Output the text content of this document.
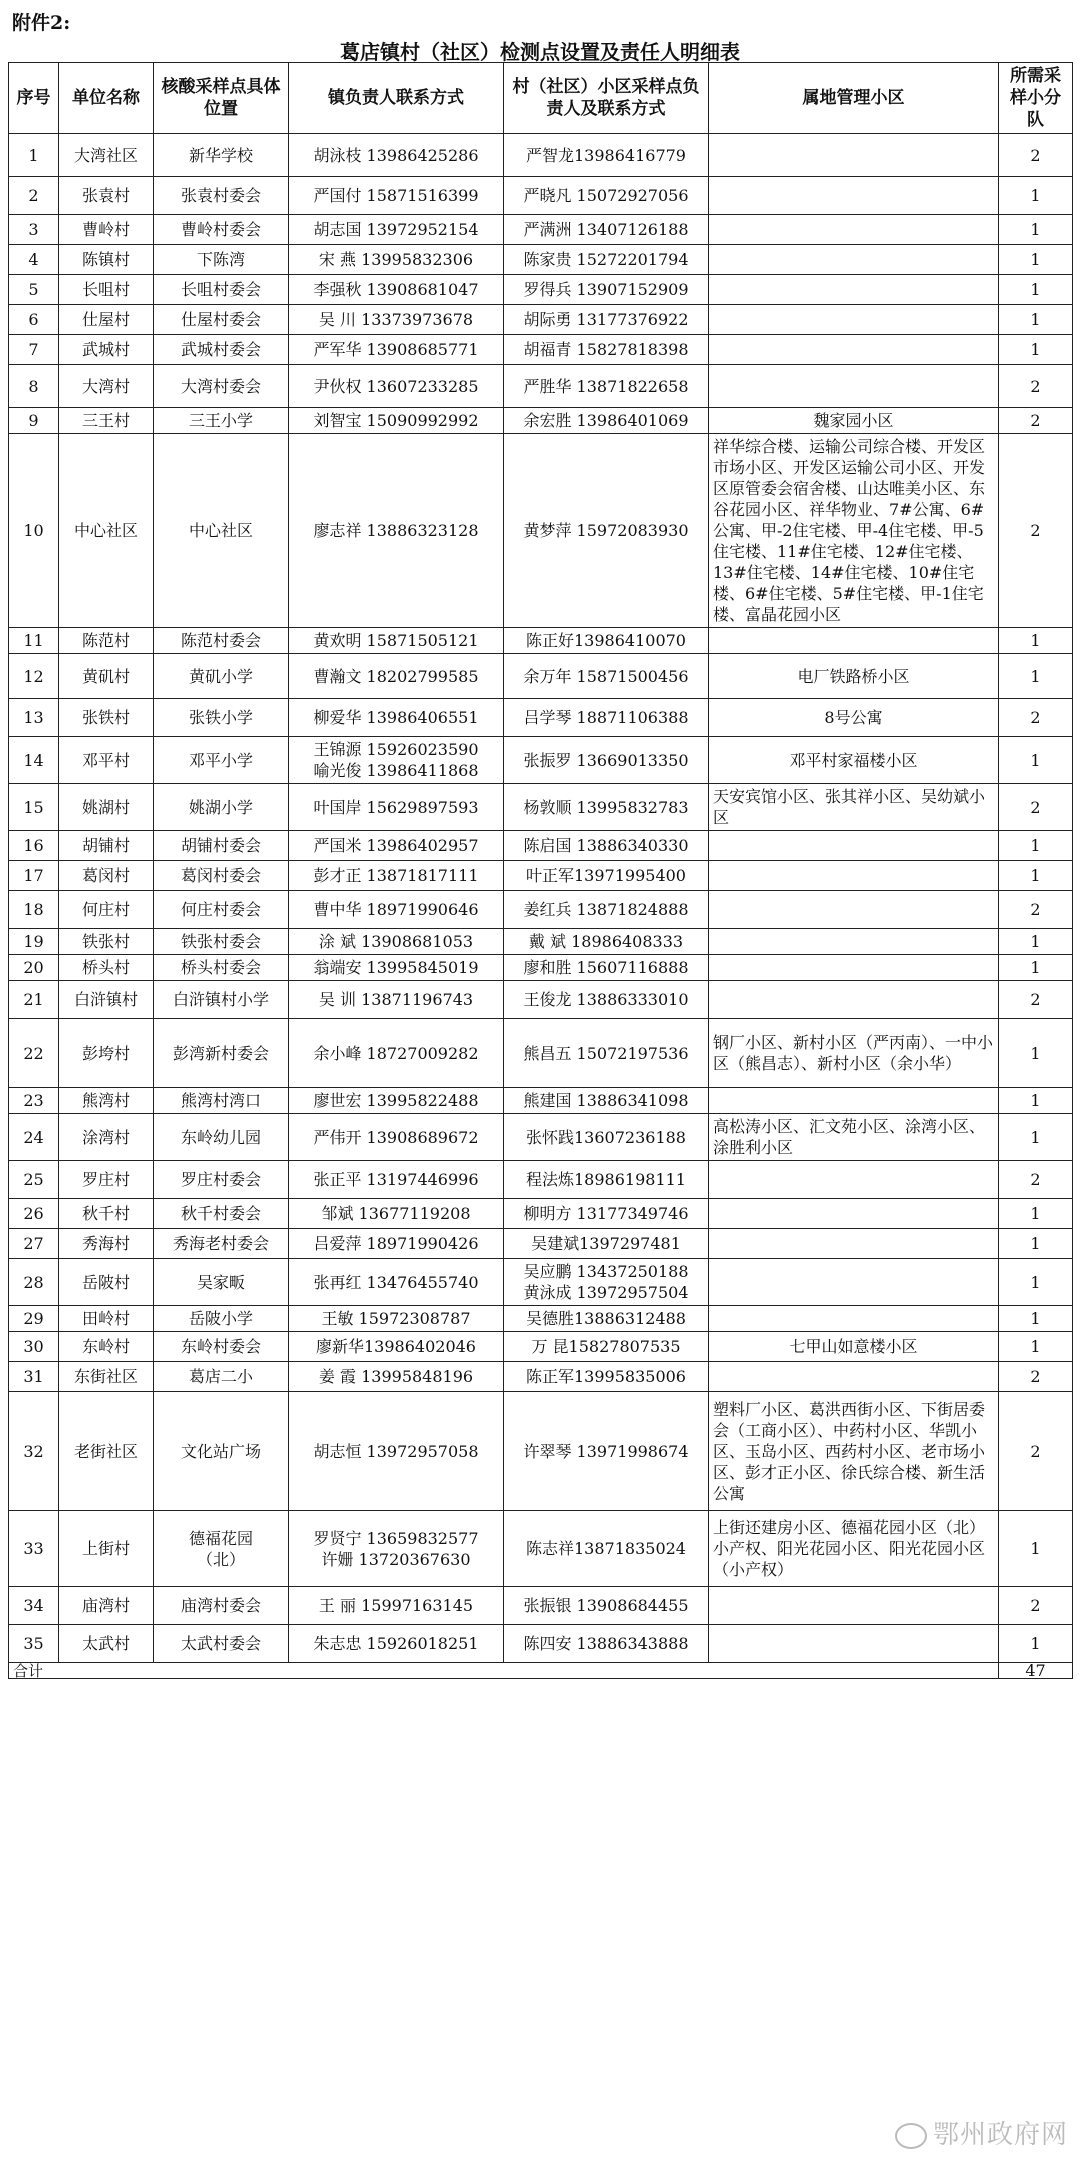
附件2:
葛店镇村（社区）检测点设置及责任人明细表
序号	单位名称	核酸采样点具体位置	镇负责人联系方式	村（社区）小区采样点负责人及联系方式	属地管理小区	所需采样小分队
1	大湾社区	新华学校	胡泳枝 13986425286	严智龙13986416779		2
2	张袁村	张袁村委会	严国付 15871516399	严晓凡 15072927056		1
3	曹岭村	曹岭村委会	胡志国 13972952154	严满洲 13407126188		1
4	陈镇村	下陈湾	宋 燕 13995832306	陈家贵 15272201794		1
5	长咀村	长咀村委会	李强秋 13908681047	罗得兵 13907152909		1
6	仕屋村	仕屋村委会	吴 川 13373973678	胡际勇 13177376922		1
7	武城村	武城村委会	严军华 13908685771	胡福青 15827818398		1
8	大湾村	大湾村委会	尹伙权 13607233285	严胜华 13871822658		2
9	三王村	三王小学	刘智宝 15090992992	余宏胜 13986401069	魏家园小区	2
10	中心社区	中心社区	廖志祥 13886323128	黄梦萍 15972083930	祥华综合楼、运输公司综合楼、开发区市场小区、开发区运输公司小区、开发区原管委会宿舍楼、山达唯美小区、东谷花园小区、祥华物业、7#公寓、6#公寓、甲-2住宅楼、甲-4住宅楼、甲-5住宅楼、11#住宅楼、12#住宅楼、13#住宅楼、14#住宅楼、10#住宅楼、6#住宅楼、5#住宅楼、甲-1住宅楼、富晶花园小区	2
11	陈范村	陈范村委会	黄欢明 15871505121	陈正好13986410070		1
12	黄矶村	黄矶小学	曹瀚文 18202799585	余万年 15871500456	电厂铁路桥小区	1
13	张铁村	张铁小学	柳爱华 13986406551	吕学琴 18871106388	8号公寓	2
14	邓平村	邓平小学	王锦源 15926023590
喻光俊 13986411868	张振罗 13669013350	邓平村家福楼小区	1
15	姚湖村	姚湖小学	叶国岸 15629897593	杨敦顺 13995832783	天安宾馆小区、张其祥小区、吴幼斌小区	2
16	胡铺村	胡铺村委会	严国米 13986402957	陈启国 13886340330		1
17	葛闵村	葛闵村委会	彭才正 13871817111	叶正军13971995400		1
18	何庄村	何庄村委会	曹中华 18971990646	姜红兵 13871824888		2
19	铁张村	铁张村委会	涂 斌 13908681053	戴 斌 18986408333		1
20	桥头村	桥头村委会	翁端安 13995845019	廖和胜 15607116888		1
21	白浒镇村	白浒镇村小学	吴 训 13871196743	王俊龙 13886333010		2
22	彭垮村	彭湾新村委会	余小峰 18727009282	熊昌五 15072197536	钢厂小区、新村小区（严丙南）、一中小区（熊昌志）、新村小区（余小华）	1
23	熊湾村	熊湾村湾口	廖世宏 13995822488	熊建国 13886341098		1
24	涂湾村	东岭幼儿园	严伟开 13908689672	张怀践13607236188	高松涛小区、汇文苑小区、涂湾小区、涂胜利小区	1
25	罗庄村	罗庄村委会	张正平 13197446996	程法炼18986198111		2
26	秋千村	秋千村委会	邹斌 13677119208	柳明方 13177349746		1
27	秀海村	秀海老村委会	吕爱萍 18971990426	吴建斌1397297481		1
28	岳陂村	吴家畈	张再红 13476455740	吴应鹏 13437250188
黄泳成 13972957504		1
29	田岭村	岳陂小学	王敏 15972308787	吴德胜13886312488		1
30	东岭村	东岭村委会	廖新华13986402046	万 昆15827807535	七甲山如意楼小区	1
31	东街社区	葛店二小	姜 霞 13995848196	陈正军13995835006		2
32	老街社区	文化站广场	胡志恒 13972957058	许翠琴 13971998674	塑料厂小区、葛洪西街小区、下街居委会（工商小区）、中药村小区、华凯小区、玉岛小区、西药村小区、老市场小区、彭才正小区、徐氏综合楼、新生活公寓	2
33	上街村	德福花园
（北）	罗贤宁 13659832577
许姗 13720367630	陈志祥13871835024	上街还建房小区、德福花园小区（北）小产权、阳光花园小区、阳光花园小区（小产权）	1
34	庙湾村	庙湾村委会	王 丽 15997163145	张振银 13908684455		2
35	太武村	太武村委会	朱志忠 15926018251	陈四安 13886343888		1
合计						47
鄂州政府网
